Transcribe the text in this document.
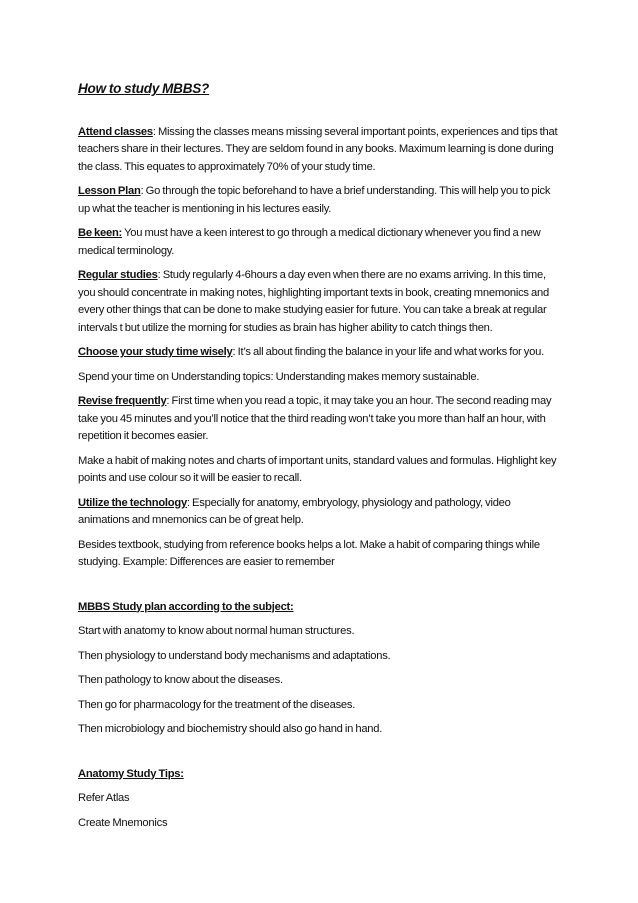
How to study MBBS?

Attend classes: Missing the classes means missing several important points, experiences and tips that teachers share in their lectures. They are seldom found in any books. Maximum learning is done during the class. This equates to approximately 70% of your study time.

Lesson Plan: Go through the topic beforehand to have a brief understanding. This will help you to pick up what the teacher is mentioning in his lectures easily.

Be keen: You must have a keen interest to go through a medical dictionary whenever you find a new medical terminology.

Regular studies: Study regularly 4-6hours a day even when there are no exams arriving. In this time, you should concentrate in making notes, highlighting important texts in book, creating mnemonics and every other things that can be done to make studying easier for future. You can take a break at regular intervals t but utilize the morning for studies as brain has higher ability to catch things then.

Choose your study time wisely: It’s all about finding the balance in your life and what works for you.

Spend your time on Understanding topics: Understanding makes memory sustainable.

Revise frequently: First time when you read a topic, it may take you an hour. The second reading may take you 45 minutes and you’ll notice that the third reading won’t take you more than half an hour, with repetition it becomes easier.

Make a habit of making notes and charts of important units, standard values and formulas. Highlight key points and use colour so it will be easier to recall.

Utilize the technology: Especially for anatomy, embryology, physiology and pathology, video animations and mnemonics can be of great help.

Besides textbook, studying from reference books helps a lot. Make a habit of comparing things while studying. Example: Differences are easier to remember

MBBS Study plan according to the subject:

Start with anatomy to know about normal human structures.

Then physiology to understand body mechanisms and adaptations.

Then pathology to know about the diseases.

Then go for pharmacology for the treatment of the diseases.

Then microbiology and biochemistry should also go hand in hand.

Anatomy Study Tips:

Refer Atlas

Create Mnemonics
